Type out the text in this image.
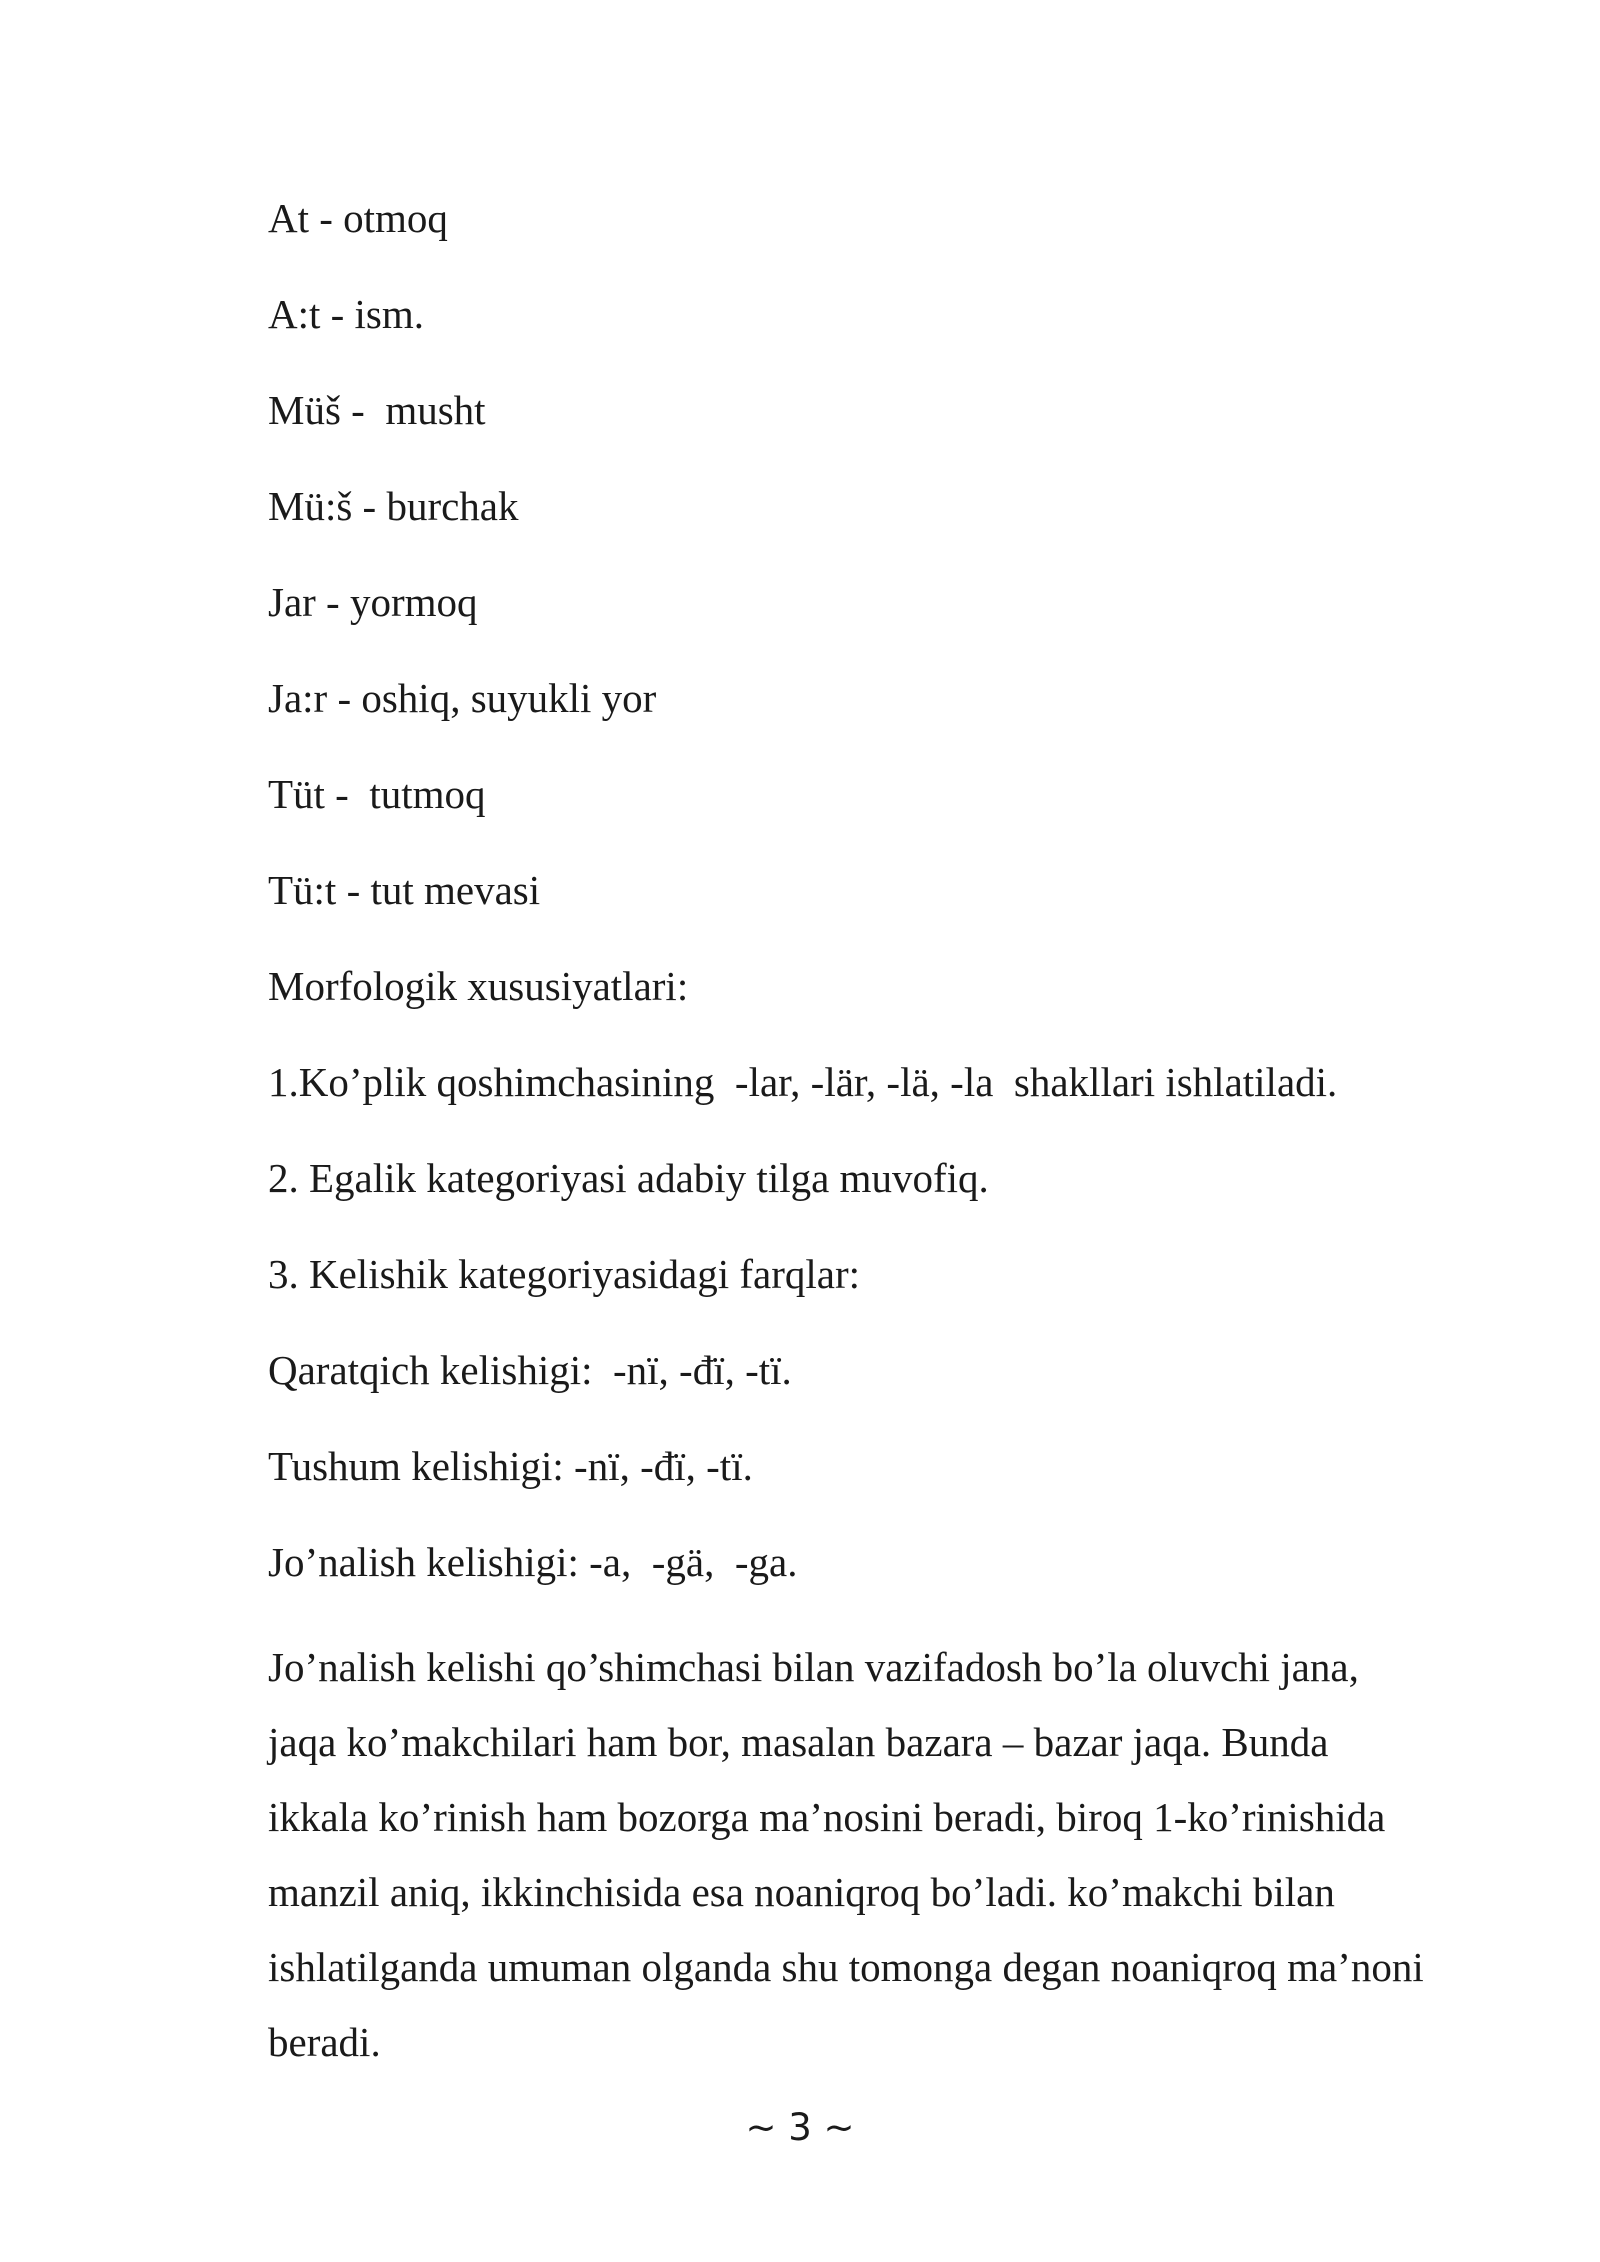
At - otmoq
A:t - ism.
Müš -  musht
Mü:š - burchak
Jar - yormoq
Ja:r - oshiq, suyukli yor
Tüt -  tutmoq
Tü:t - tut mevasi
Morfologik xususiyatlari:
1.Ko’plik qoshimchasining  -lar, -lär, -lä, -la  shakllari ishlatiladi.
2. Egalik kategoriyasi adabiy tilga muvofiq.
3. Kelishik kategoriyasidagi farqlar:
Qaratqich kelishigi:  -nï, -đï, -tï.
Tushum kelishigi: -nï, -đï, -tï.
Jo’nalish kelishigi: -a,  -gä,  -ga.

Jo’nalish kelishi qo’shimchasi bilan vazifadosh bo’la oluvchi jana,
jaqa ko’makchilari ham bor, masalan bazara – bazar jaqa. Bunda
ikkala ko’rinish ham bozorga ma’nosini beradi, biroq 1-ko’rinishida
manzil aniq, ikkinchisida esa noaniqroq bo’ladi. ko’makchi bilan
ishlatilganda umuman olganda shu tomonga degan noaniqroq ma’noni
beradi.

~ 3 ~
